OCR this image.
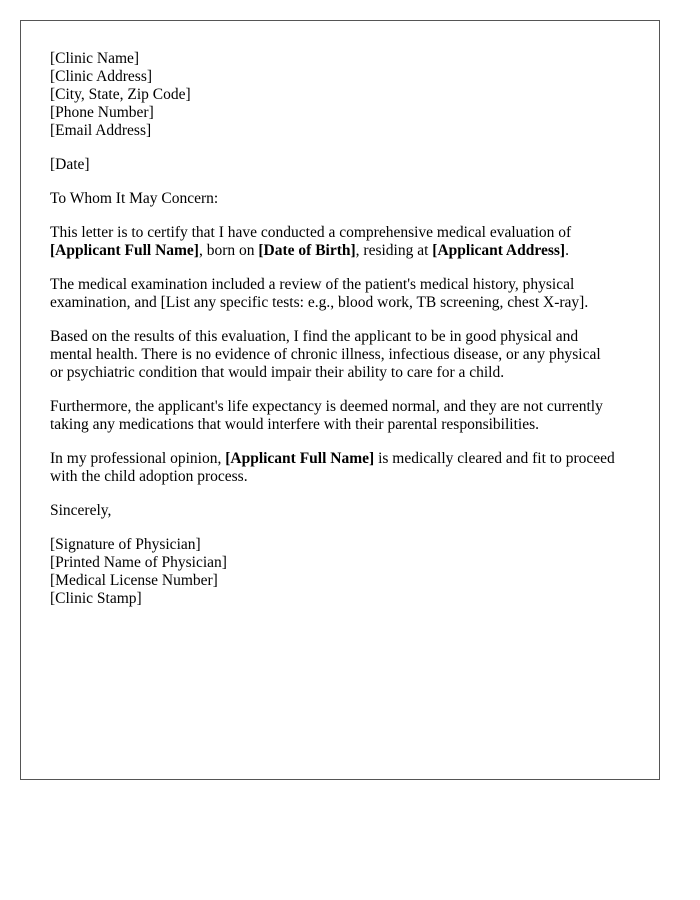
[Clinic Name]
[Clinic Address]
[City, State, Zip Code]
[Phone Number]
[Email Address]
[Date]
To Whom It May Concern:
This letter is to certify that I have conducted a comprehensive medical evaluation of
[Applicant Full Name], born on [Date of Birth], residing at [Applicant Address].
The medical examination included a review of the patient's medical history, physical
examination, and [List any specific tests: e.g., blood work, TB screening, chest X-ray].
Based on the results of this evaluation, I find the applicant to be in good physical and
mental health. There is no evidence of chronic illness, infectious disease, or any physical
or psychiatric condition that would impair their ability to care for a child.
Furthermore, the applicant's life expectancy is deemed normal, and they are not currently
taking any medications that would interfere with their parental responsibilities.
In my professional opinion, [Applicant Full Name] is medically cleared and fit to proceed
with the child adoption process.
Sincerely,
[Signature of Physician]
[Printed Name of Physician]
[Medical License Number]
[Clinic Stamp]
